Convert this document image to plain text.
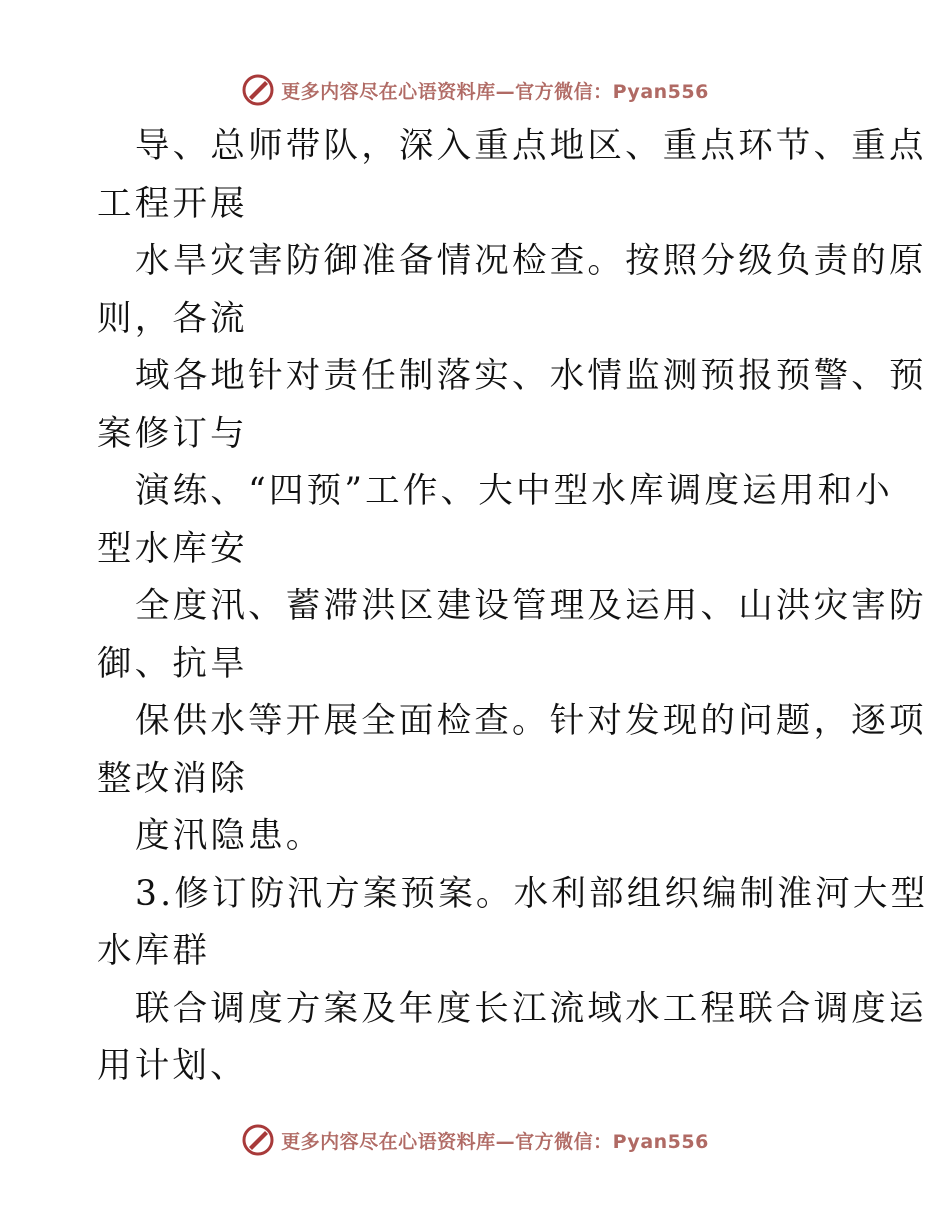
更多内容尽在心语资料库—官方微信：Pyan556
导、总师带队，深入重点地区、重点环节、重点
工程开展
水旱灾害防御准备情况检查。按照分级负责的原
则，各流
域各地针对责任制落实、水情监测预报预警、预
案修订与
演练、“四预”工作、大中型水库调度运用和小
型水库安
全度汛、蓄滞洪区建设管理及运用、山洪灾害防
御、抗旱
保供水等开展全面检查。针对发现的问题，逐项
整改消除
度汛隐患。
3.修订防汛方案预案。水利部组织编制淮河大型
水库群
联合调度方案及年度长江流域水工程联合调度运
用计划、
更多内容尽在心语资料库—官方微信：Pyan556
